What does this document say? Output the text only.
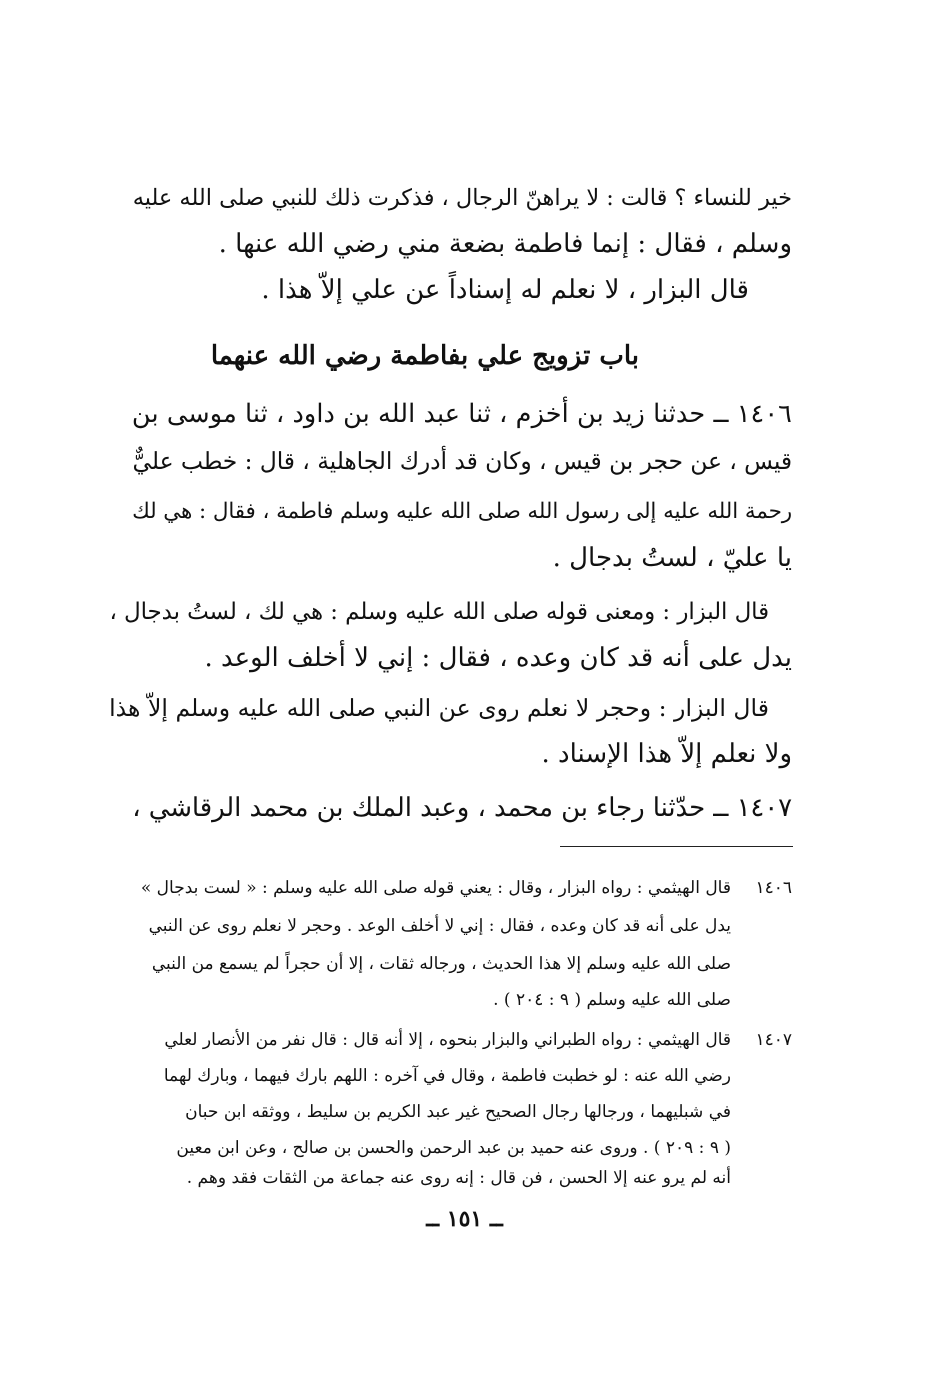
خير للنساء ؟ قالت : لا يراهنّ الرجال ، فذكرت ذلك للنبي صلى الله عليه
وسلم ، فقال : إنما فاطمة بضعة مني رضي الله عنها .
قال البزار ، لا نعلم له إسناداً عن علي إلاّ هذا .
باب تزويج علي بفاطمة رضي الله عنهما
١٤٠٦ ــ حدثنا زيد بن أخزم ، ثنا عبد الله بن داود ، ثنا موسى بن
قيس ، عن حجر بن قيس ، وكان قد أدرك الجاهلية ، قال : خطب عليٌّ
رحمة الله عليه إلى رسول الله صلى الله عليه وسلم فاطمة ، فقال : هي لك
يا عليّ ، لستُ بدجال .
قال البزار : ومعنى قوله صلى الله عليه وسلم : هي لك ، لستُ بدجال ،
يدل على أنه قد كان وعده ، فقال : إني لا أخلف الوعد .
قال البزار : وحجر لا نعلم روى عن النبي صلى الله عليه وسلم إلاّ هذا
ولا نعلم إلاّ هذا الإسناد .
١٤٠٧ ــ حدّثنا رجاء بن محمد ، وعبد الملك بن محمد الرقاشي ،
١٤٠٦
قال الهيثمي : رواه البزار ، وقال : يعني قوله صلى الله عليه وسلم : « لست بدجال »
يدل على أنه قد كان وعده ، فقال : إني لا أخلف الوعد . وحجر لا نعلم روى عن النبي
صلى الله عليه وسلم إلا هذا الحديث ، ورجاله ثقات ، إلا أن حجراً لم يسمع من النبي
صلى الله عليه وسلم ( ٩ : ٢٠٤ ) .
١٤٠٧
قال الهيثمي : رواه الطبراني والبزار بنحوه ، إلا أنه قال : قال نفر من الأنصار لعلي
رضي الله عنه : لو خطبت فاطمة ، وقال في آخره : اللهم بارك فيهما ، وبارك لهما
في شبليهما ، ورجالها رجال الصحيح غير عبد الكريم بن سليط ، ووثقه ابن حبان
( ٩ : ٢٠٩ ) . وروى عنه حميد بن عبد الرحمن والحسن بن صالح ، وعن ابن معين
أنه لم يرو عنه إلا الحسن ، فن قال : إنه روى عنه جماعة من الثقات فقد وهم .
ــ ١٥١ ــ
